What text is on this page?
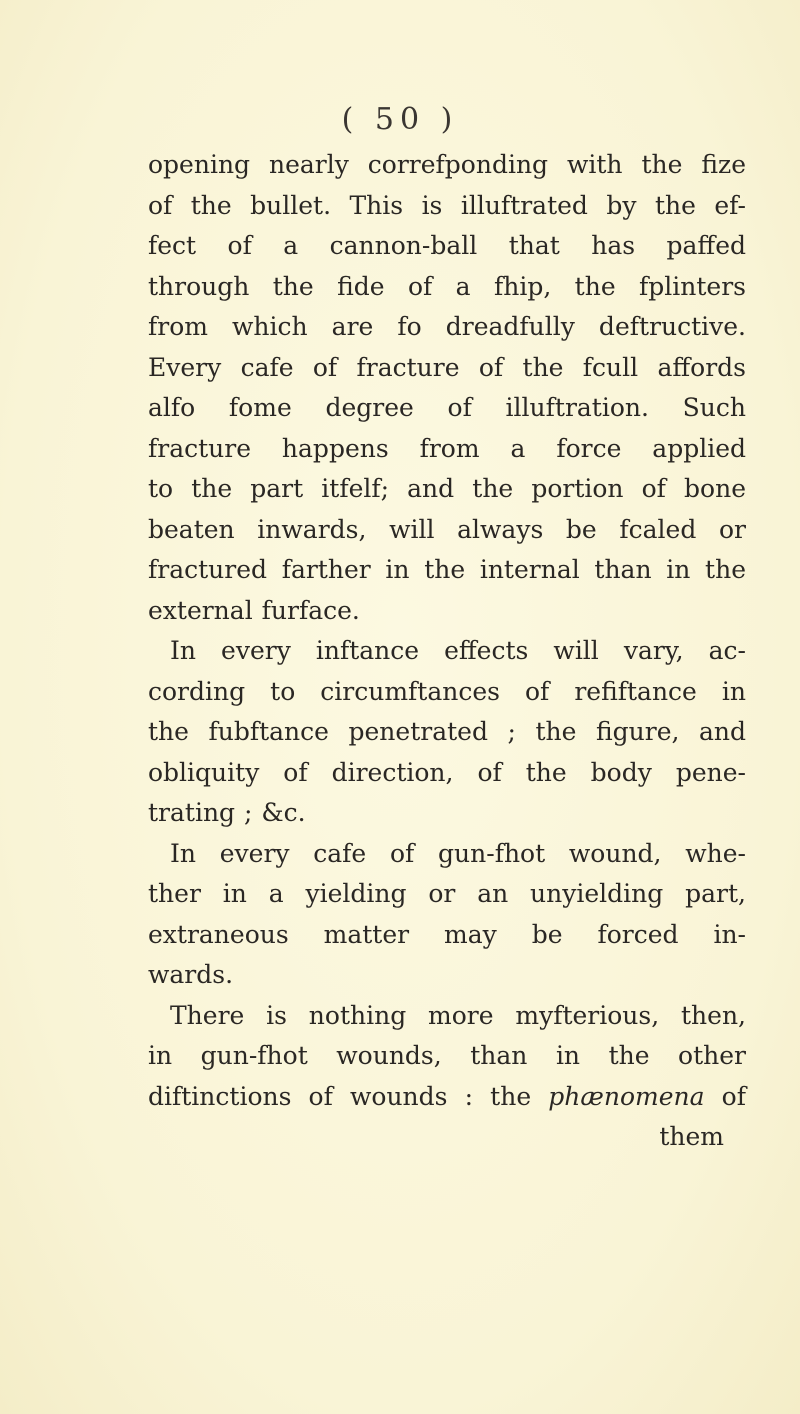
( 50 )
opening nearly correfponding with the fize
of the bullet. This is illuftrated by the ef-
fect of a cannon-ball that has paffed
through the fide of a fhip, the fplinters
from which are fo dreadfully deftructive.
Every cafe of fracture of the fcull affords
alfo fome degree of illuftration. Such
fracture happens from a force applied
to the part itfelf; and the portion of bone
beaten inwards, will always be fcaled or
fractured farther in the internal than in the
external furface.
In every inftance effects will vary, ac-
cording to circumftances of refiftance in
the fubftance penetrated ; the figure, and
obliquity of direction, of the body pene-
trating ; &c.
In every cafe of gun-fhot wound, whe-
ther in a yielding or an unyielding part,
extraneous matter may be forced in-
wards.
There is nothing more myfterious, then,
in gun-fhot wounds, than in the other
diftinctions of wounds : the phænomena of
them
